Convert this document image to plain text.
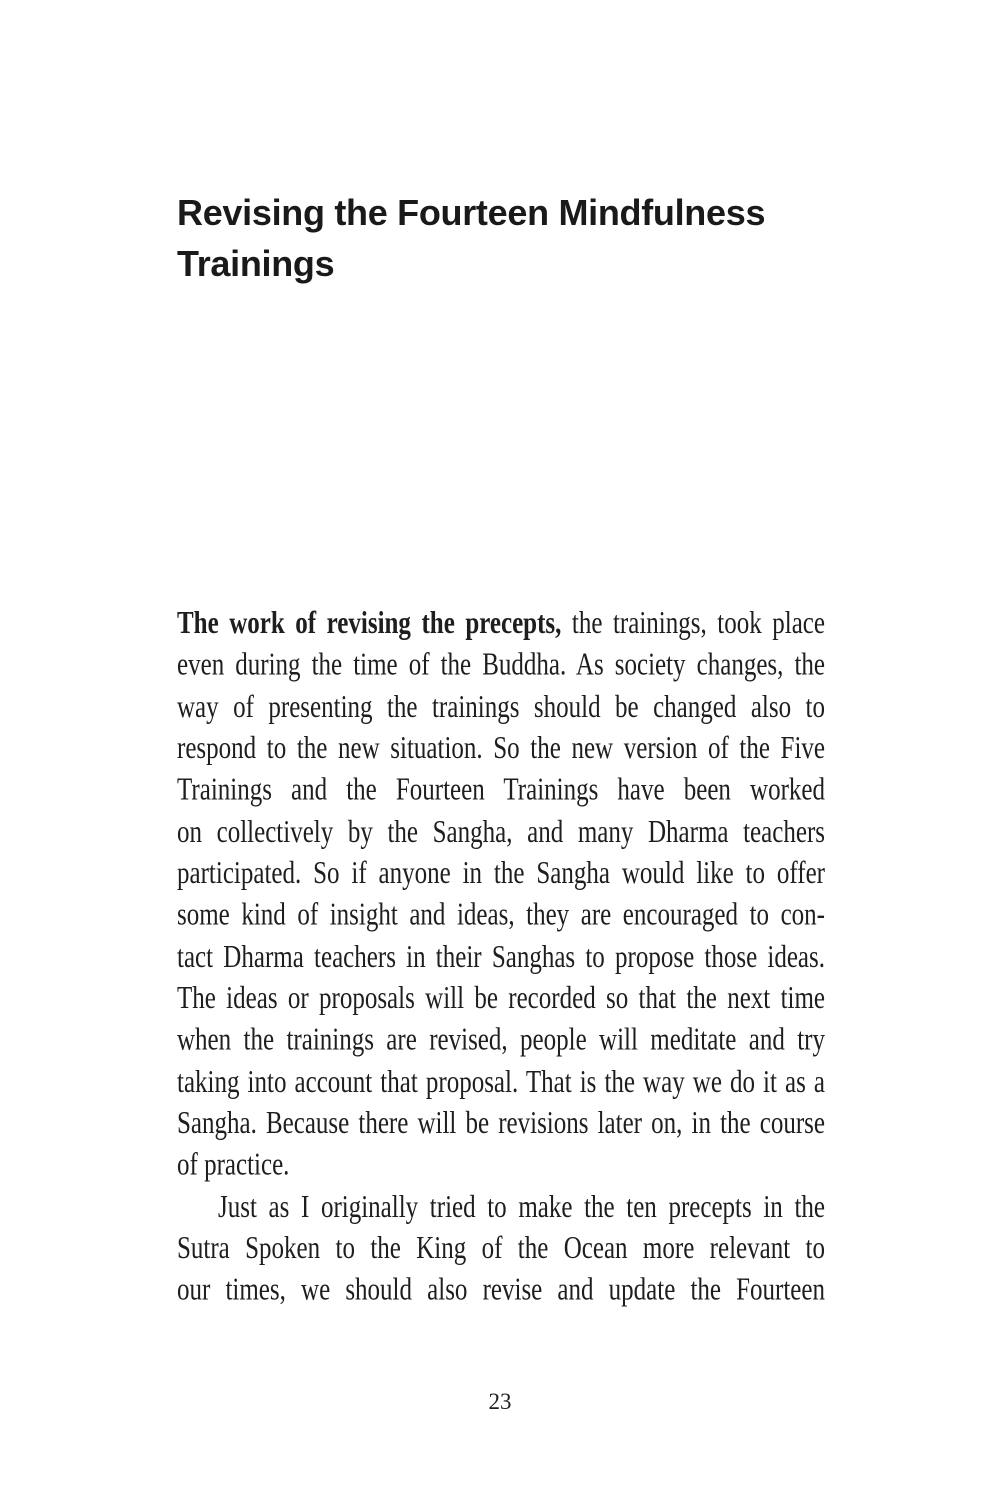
Revising the Fourteen Mindfulness
Trainings
The work of revising the precepts, the trainings, took place
even during the time of the Buddha. As society changes, the
way of presenting the trainings should be changed also to
respond to the new situation. So the new version of the Five
Trainings and the Fourteen Trainings have been worked
on collectively by the Sangha, and many Dharma teachers
participated. So if anyone in the Sangha would like to offer
some kind of insight and ideas, they are encouraged to con-
tact Dharma teachers in their Sanghas to propose those ideas.
The ideas or proposals will be recorded so that the next time
when the trainings are revised, people will meditate and try
taking into account that proposal. That is the way we do it as a
Sangha. Because there will be revisions later on, in the course
of practice.
Just as I originally tried to make the ten precepts in the
Sutra Spoken to the King of the Ocean more relevant to
our times, we should also revise and update the Fourteen
23
